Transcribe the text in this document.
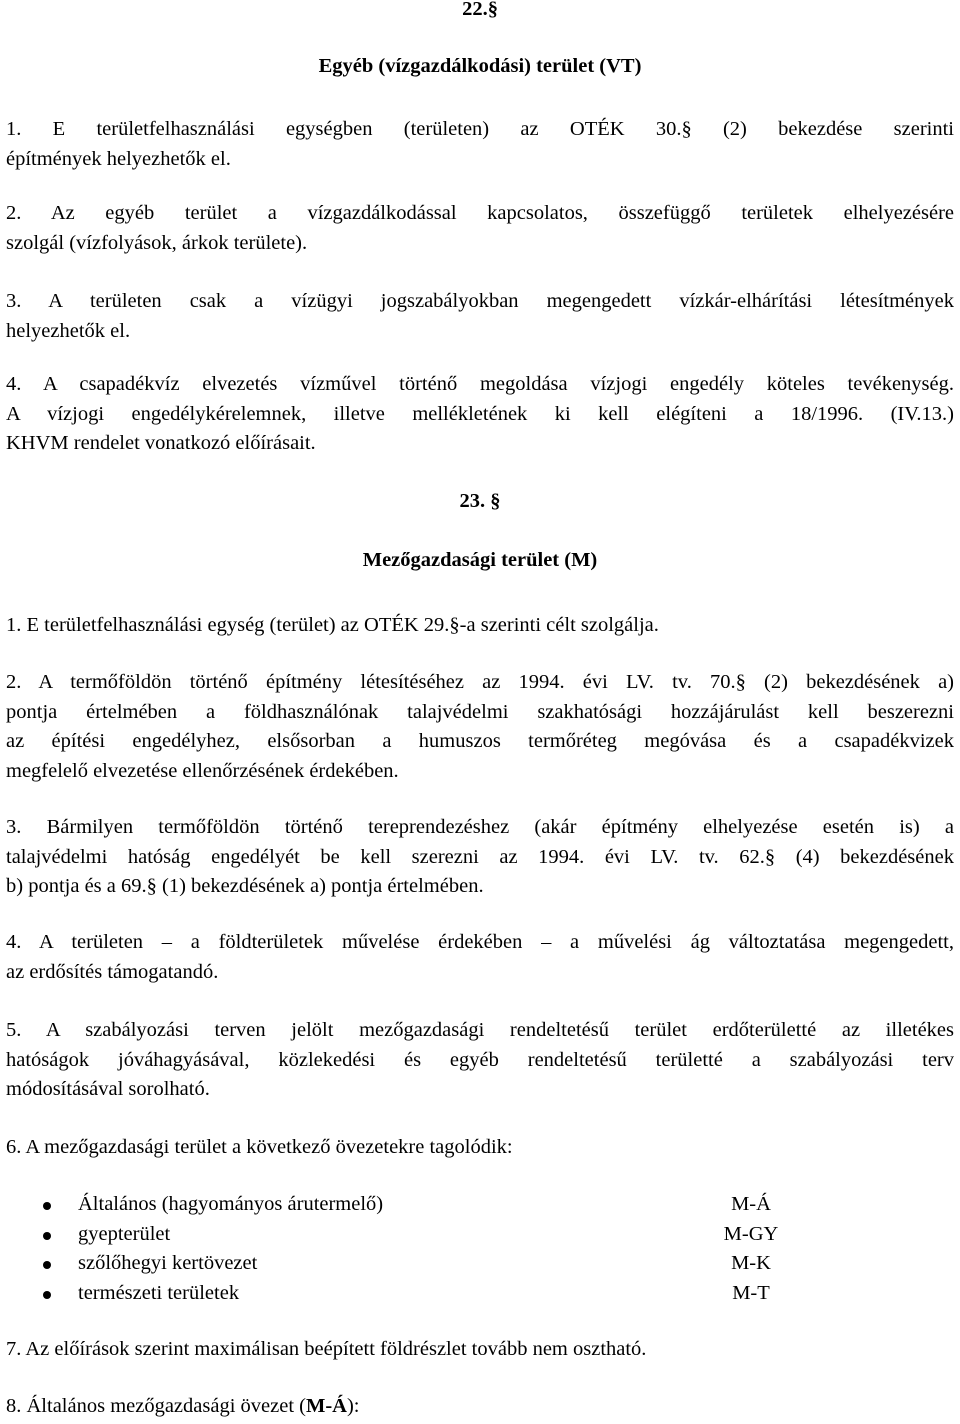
22.§

Egyéb (vízgazdálkodási) terület (VT)

1. E területfelhasználási egységben (területen) az OTÉK 30.§ (2) bekezdése szerinti
építmények helyezhetők el.

2. Az egyéb terület a vízgazdálkodással kapcsolatos, összefüggő területek elhelyezésére
szolgál (vízfolyások, árkok területe).

3. A területen csak a vízügyi jogszabályokban megengedett vízkár-elhárítási létesítmények
helyezhetők el.

4. A csapadékvíz elvezetés vízművel történő megoldása vízjogi engedély köteles tevékenység.
A vízjogi engedélykérelemnek, illetve mellékletének ki kell elégíteni a 18/1996. (IV.13.)
KHVM rendelet vonatkozó előírásait.

23. §

Mezőgazdasági terület (M)

1. E területfelhasználási egység (terület) az OTÉK 29.§-a szerinti célt szolgálja.

2. A termőföldön történő építmény létesítéséhez az 1994. évi LV. tv. 70.§ (2) bekezdésének a)
pontja értelmében a földhasználónak talajvédelmi szakhatósági hozzájárulást kell beszerezni
az építési engedélyhez, elsősorban a humuszos termőréteg megóvása és a csapadékvizek
megfelelő elvezetése ellenőrzésének érdekében.

3. Bármilyen termőföldön történő tereprendezéshez (akár építmény elhelyezése esetén is) a
talajvédelmi hatóság engedélyét be kell szerezni az 1994. évi LV. tv. 62.§ (4) bekezdésének
b) pontja és a 69.§ (1) bekezdésének a) pontja értelmében.

4. A területen – a földterületek művelése érdekében – a művelési ág változtatása megengedett,
az erdősítés támogatandó.

5. A szabályozási terven jelölt mezőgazdasági rendeltetésű terület erdőterületté az illetékes
hatóságok jóváhagyásával, közlekedési és egyéb rendeltetésű területté a szabályozási terv
módosításával sorolható.

6. A mezőgazdasági terület a következő övezetekre tagolódik:

Általános (hagyományos árutermelő)	M-Á
gyepterület	M-GY
szőlőhegyi kertövezet	M-K
természeti területek	M-T

7. Az előírások szerint maximálisan beépített földrészlet tovább nem osztható.

8. Általános mezőgazdasági övezet (M-Á):
